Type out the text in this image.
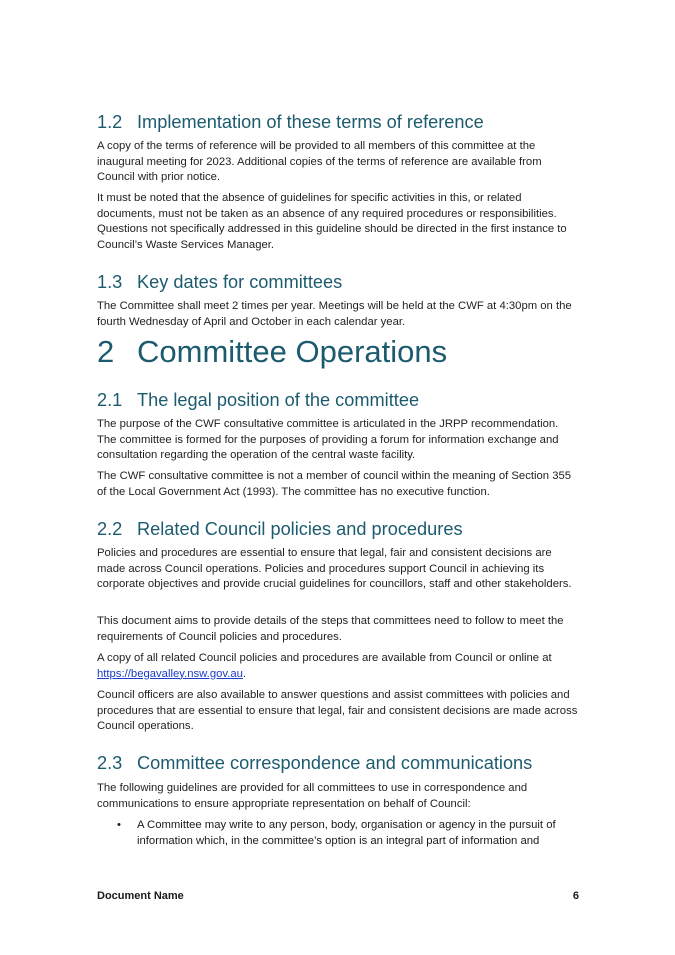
1.2 Implementation of these terms of reference

A copy of the terms of reference will be provided to all members of this committee at the inaugural meeting for 2023. Additional copies of the terms of reference are available from Council with prior notice.

It must be noted that the absence of guidelines for specific activities in this, or related documents, must not be taken as an absence of any required procedures or responsibilities. Questions not specifically addressed in this guideline should be directed in the first instance to Council’s Waste Services Manager.

1.3 Key dates for committees

The Committee shall meet 2 times per year. Meetings will be held at the CWF at 4:30pm on the fourth Wednesday of April and October in each calendar year.

2 Committee Operations
2.1 The legal position of the committee

The purpose of the CWF consultative committee is articulated in the JRPP recommendation. The committee is formed for the purposes of providing a forum for information exchange and consultation regarding the operation of the central waste facility.

The CWF consultative committee is not a member of council within the meaning of Section 355 of the Local Government Act (1993). The committee has no executive function.

2.2 Related Council policies and procedures

Policies and procedures are essential to ensure that legal, fair and consistent decisions are made across Council operations. Policies and procedures support Council in achieving its corporate objectives and provide crucial guidelines for councillors, staff and other stakeholders.

This document aims to provide details of the steps that committees need to follow to meet the requirements of Council policies and procedures.

A copy of all related Council policies and procedures are available from Council or online at https://begavalley.nsw.gov.au.

Council officers are also available to answer questions and assist committees with policies and procedures that are essential to ensure that legal, fair and consistent decisions are made across Council operations.

2.3 Committee correspondence and communications

The following guidelines are provided for all committees to use in correspondence and communications to ensure appropriate representation on behalf of Council:

•	A Committee may write to any person, body, organisation or agency in the pursuit of information which, in the committee’s option is an integral part of information and
Document Name	6
